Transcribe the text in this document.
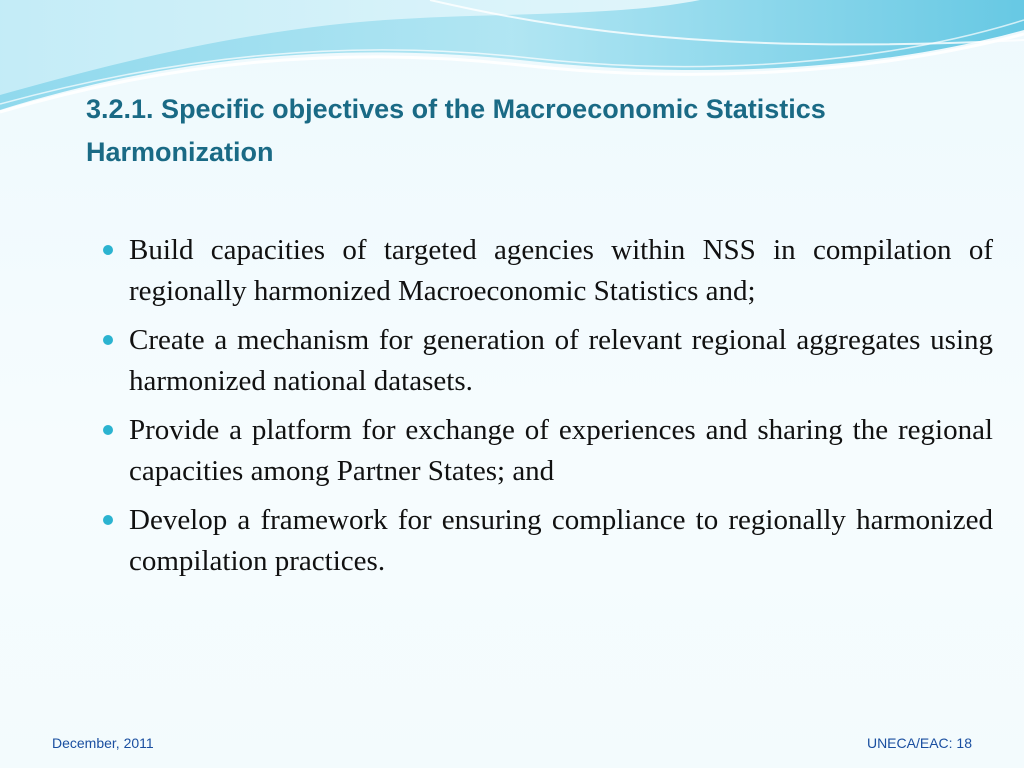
3.2.1. Specific objectives of the Macroeconomic Statistics Harmonization
Build capacities of targeted agencies within NSS in compilation of regionally harmonized Macroeconomic Statistics and;
Create a mechanism for generation of relevant regional aggregates using harmonized national datasets.
Provide a platform for exchange of experiences and sharing the regional capacities among Partner States; and
Develop a framework for ensuring compliance to regionally harmonized compilation practices.
December, 2011	UNECA/EAC: 18
